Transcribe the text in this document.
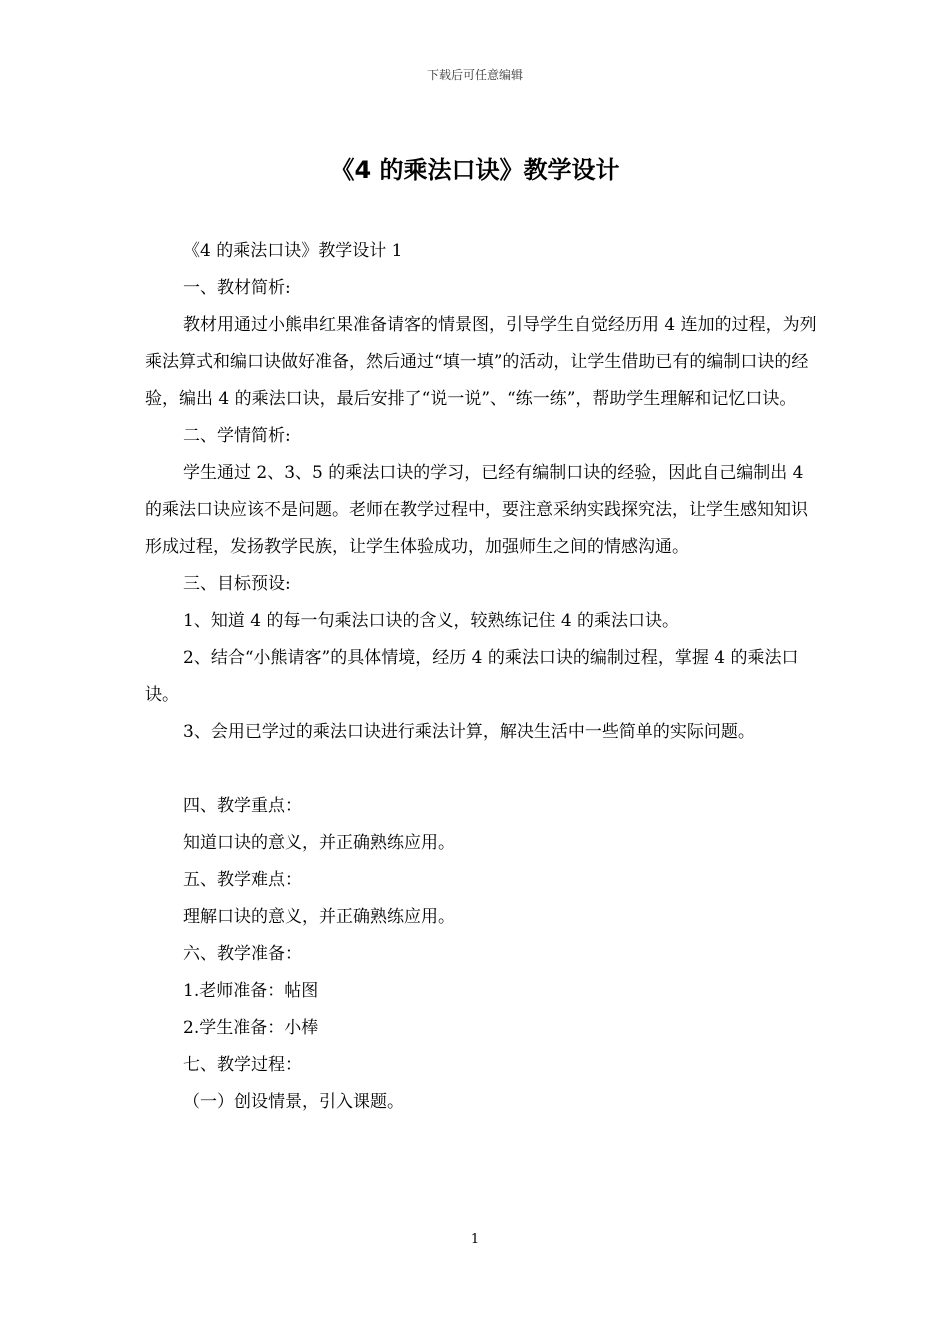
下载后可任意编辑
《4 的乘法口诀》教学设计

《4 的乘法口诀》教学设计 1

一、教材简析:

教材用通过小熊串红果准备请客的情景图，引导学生自觉经历用 4 连加的过程，为列乘法算式和编口诀做好准备，然后通过“填一填”的活动，让学生借助已有的编制口诀的经验，编出 4 的乘法口诀，最后安排了“说一说”、“练一练”，帮助学生理解和记忆口诀。

二、学情简析:

学生通过 2、3、5 的乘法口诀的学习，已经有编制口诀的经验，因此自己编制出 4 的乘法口诀应该不是问题。老师在教学过程中，要注意采纳实践探究法，让学生感知知识形成过程，发扬教学民族，让学生体验成功，加强师生之间的情感沟通。

三、目标预设:

1、知道 4 的每一句乘法口诀的含义，较熟练记住 4 的乘法口诀。

2、结合“小熊请客”的具体情境，经历 4 的乘法口诀的编制过程，掌握 4 的乘法口诀。

3、会用已学过的乘法口诀进行乘法计算，解决生活中一些简单的实际问题。

四、教学重点：

知道口诀的意义，并正确熟练应用。

五、教学难点：

理解口诀的意义，并正确熟练应用。

六、教学准备：

1.老师准备：帖图

2.学生准备：小棒

七、教学过程：

（一）创设情景，引入课题。

1
